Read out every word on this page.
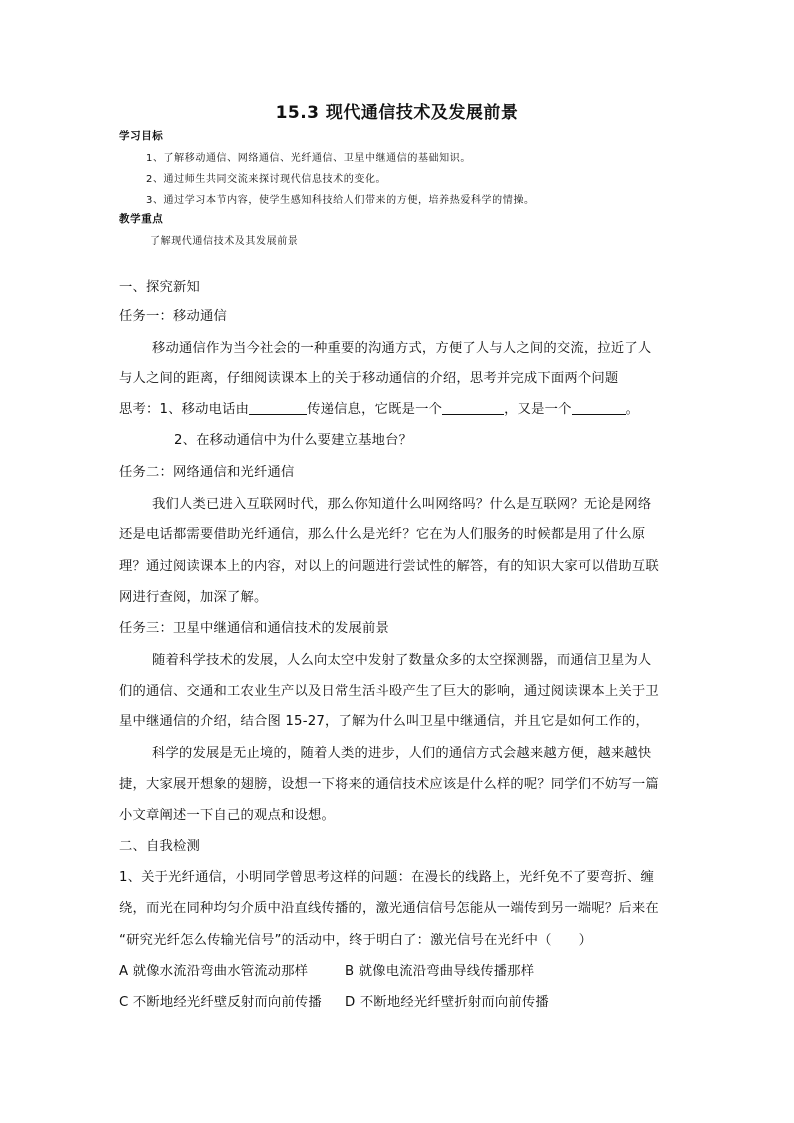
15.3 现代通信技术及发展前景
学习目标
1、了解移动通信、网络通信、光纤通信、卫星中继通信的基础知识。
2、通过师生共同交流来探讨现代信息技术的变化。
3、通过学习本节内容，使学生感知科技给人们带来的方便，培养热爱科学的情操。
教学重点
了解现代通信技术及其发展前景
一、探究新知
任务一：移动通信
移动通信作为当今社会的一种重要的沟通方式，方便了人与人之间的交流，拉近了人
与人之间的距离，仔细阅读课本上的关于移动通信的介绍，思考并完成下面两个问题
思考：1、移动电话由	传递信息，它既是一个	，又是一个	。
2、在移动通信中为什么要建立基地台？
任务二：网络通信和光纤通信
我们人类已进入互联网时代，那么你知道什么叫网络吗？什么是互联网？无论是网络
还是电话都需要借助光纤通信，那么什么是光纤？它在为人们服务的时候都是用了什么原
理？通过阅读课本上的内容，对以上的问题进行尝试性的解答，有的知识大家可以借助互联
网进行查阅，加深了解。
任务三：卫星中继通信和通信技术的发展前景
随着科学技术的发展，人么向太空中发射了数量众多的太空探测器，而通信卫星为人
们的通信、交通和工农业生产以及日常生活斗殴产生了巨大的影响，通过阅读课本上关于卫
星中继通信的介绍，结合图 15-27，了解为什么叫卫星中继通信，并且它是如何工作的，
科学的发展是无止境的，随着人类的进步，人们的通信方式会越来越方便，越来越快
捷，大家展开想象的翅膀，设想一下将来的通信技术应该是什么样的呢？同学们不妨写一篇
小文章阐述一下自己的观点和设想。
二、自我检测
1、关于光纤通信，小明同学曾思考这样的问题：在漫长的线路上，光纤免不了要弯折、缠
绕，而光在同种均匀介质中沿直线传播的，激光通信信号怎能从一端传到另一端呢？后来在
“研究光纤怎么传输光信号”的活动中，终于明白了：激光信号在光纤中（　　）
A 就像水流沿弯曲水管流动那样	B 就像电流沿弯曲导线传播那样
C 不断地经光纤壁反射而向前传播 D 不断地经光纤壁折射而向前传播
